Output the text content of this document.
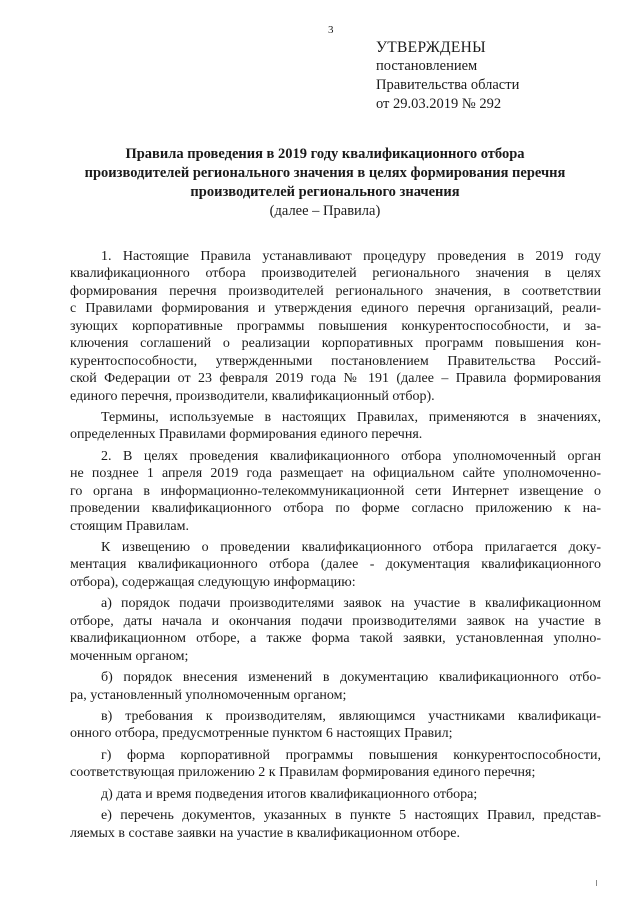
3
УТВЕРЖДЕНЫ
постановлением
Правительства области
от 29.03.2019 № 292
Правила проведения в 2019 году квалификационного отбора
производителей регионального значения в целях формирования перечня
производителей регионального значения
(далее – Правила)
1. Настоящие Правила устанавливают процедуру проведения в 2019 году
квалификационного отбора производителей регионального значения в целях
формирования перечня производителей регионального значения, в соответствии
с Правилами формирования и утверждения единого перечня организаций, реали-
зующих корпоративные программы повышения конкурентоспособности, и за-
ключения соглашений о реализации корпоративных программ повышения кон-
курентоспособности, утвержденными постановлением Правительства Россий-
ской Федерации от 23 февраля 2019 года № 191 (далее – Правила формирования
единого перечня, производители, квалификационный отбор).
Термины, используемые в настоящих Правилах, применяются в значениях,
определенных Правилами формирования единого перечня.
2. В целях проведения квалификационного отбора уполномоченный орган
не позднее 1 апреля 2019 года размещает на официальном сайте уполномоченно-
го органа в информационно-телекоммуникационной сети Интернет извещение о
проведении квалификационного отбора по форме согласно приложению к на-
стоящим Правилам.
К извещению о проведении квалификационного отбора прилагается доку-
ментация квалификационного отбора (далее - документация квалификационного
отбора), содержащая следующую информацию:
а) порядок подачи производителями заявок на участие в квалификационном
отборе, даты начала и окончания подачи производителями заявок на участие в
квалификационном отборе, а также форма такой заявки, установленная уполно-
моченным органом;
б) порядок внесения изменений в документацию квалификационного отбо-
ра, установленный уполномоченным органом;
в) требования к производителям, являющимся участниками квалификаци-
онного отбора, предусмотренные пунктом 6 настоящих Правил;
г) форма корпоративной программы повышения конкурентоспособности,
соответствующая приложению 2 к Правилам формирования единого перечня;
д) дата и время подведения итогов квалификационного отбора;
е) перечень документов, указанных в пункте 5 настоящих Правил, представ-
ляемых в составе заявки на участие в квалификационном отборе.
